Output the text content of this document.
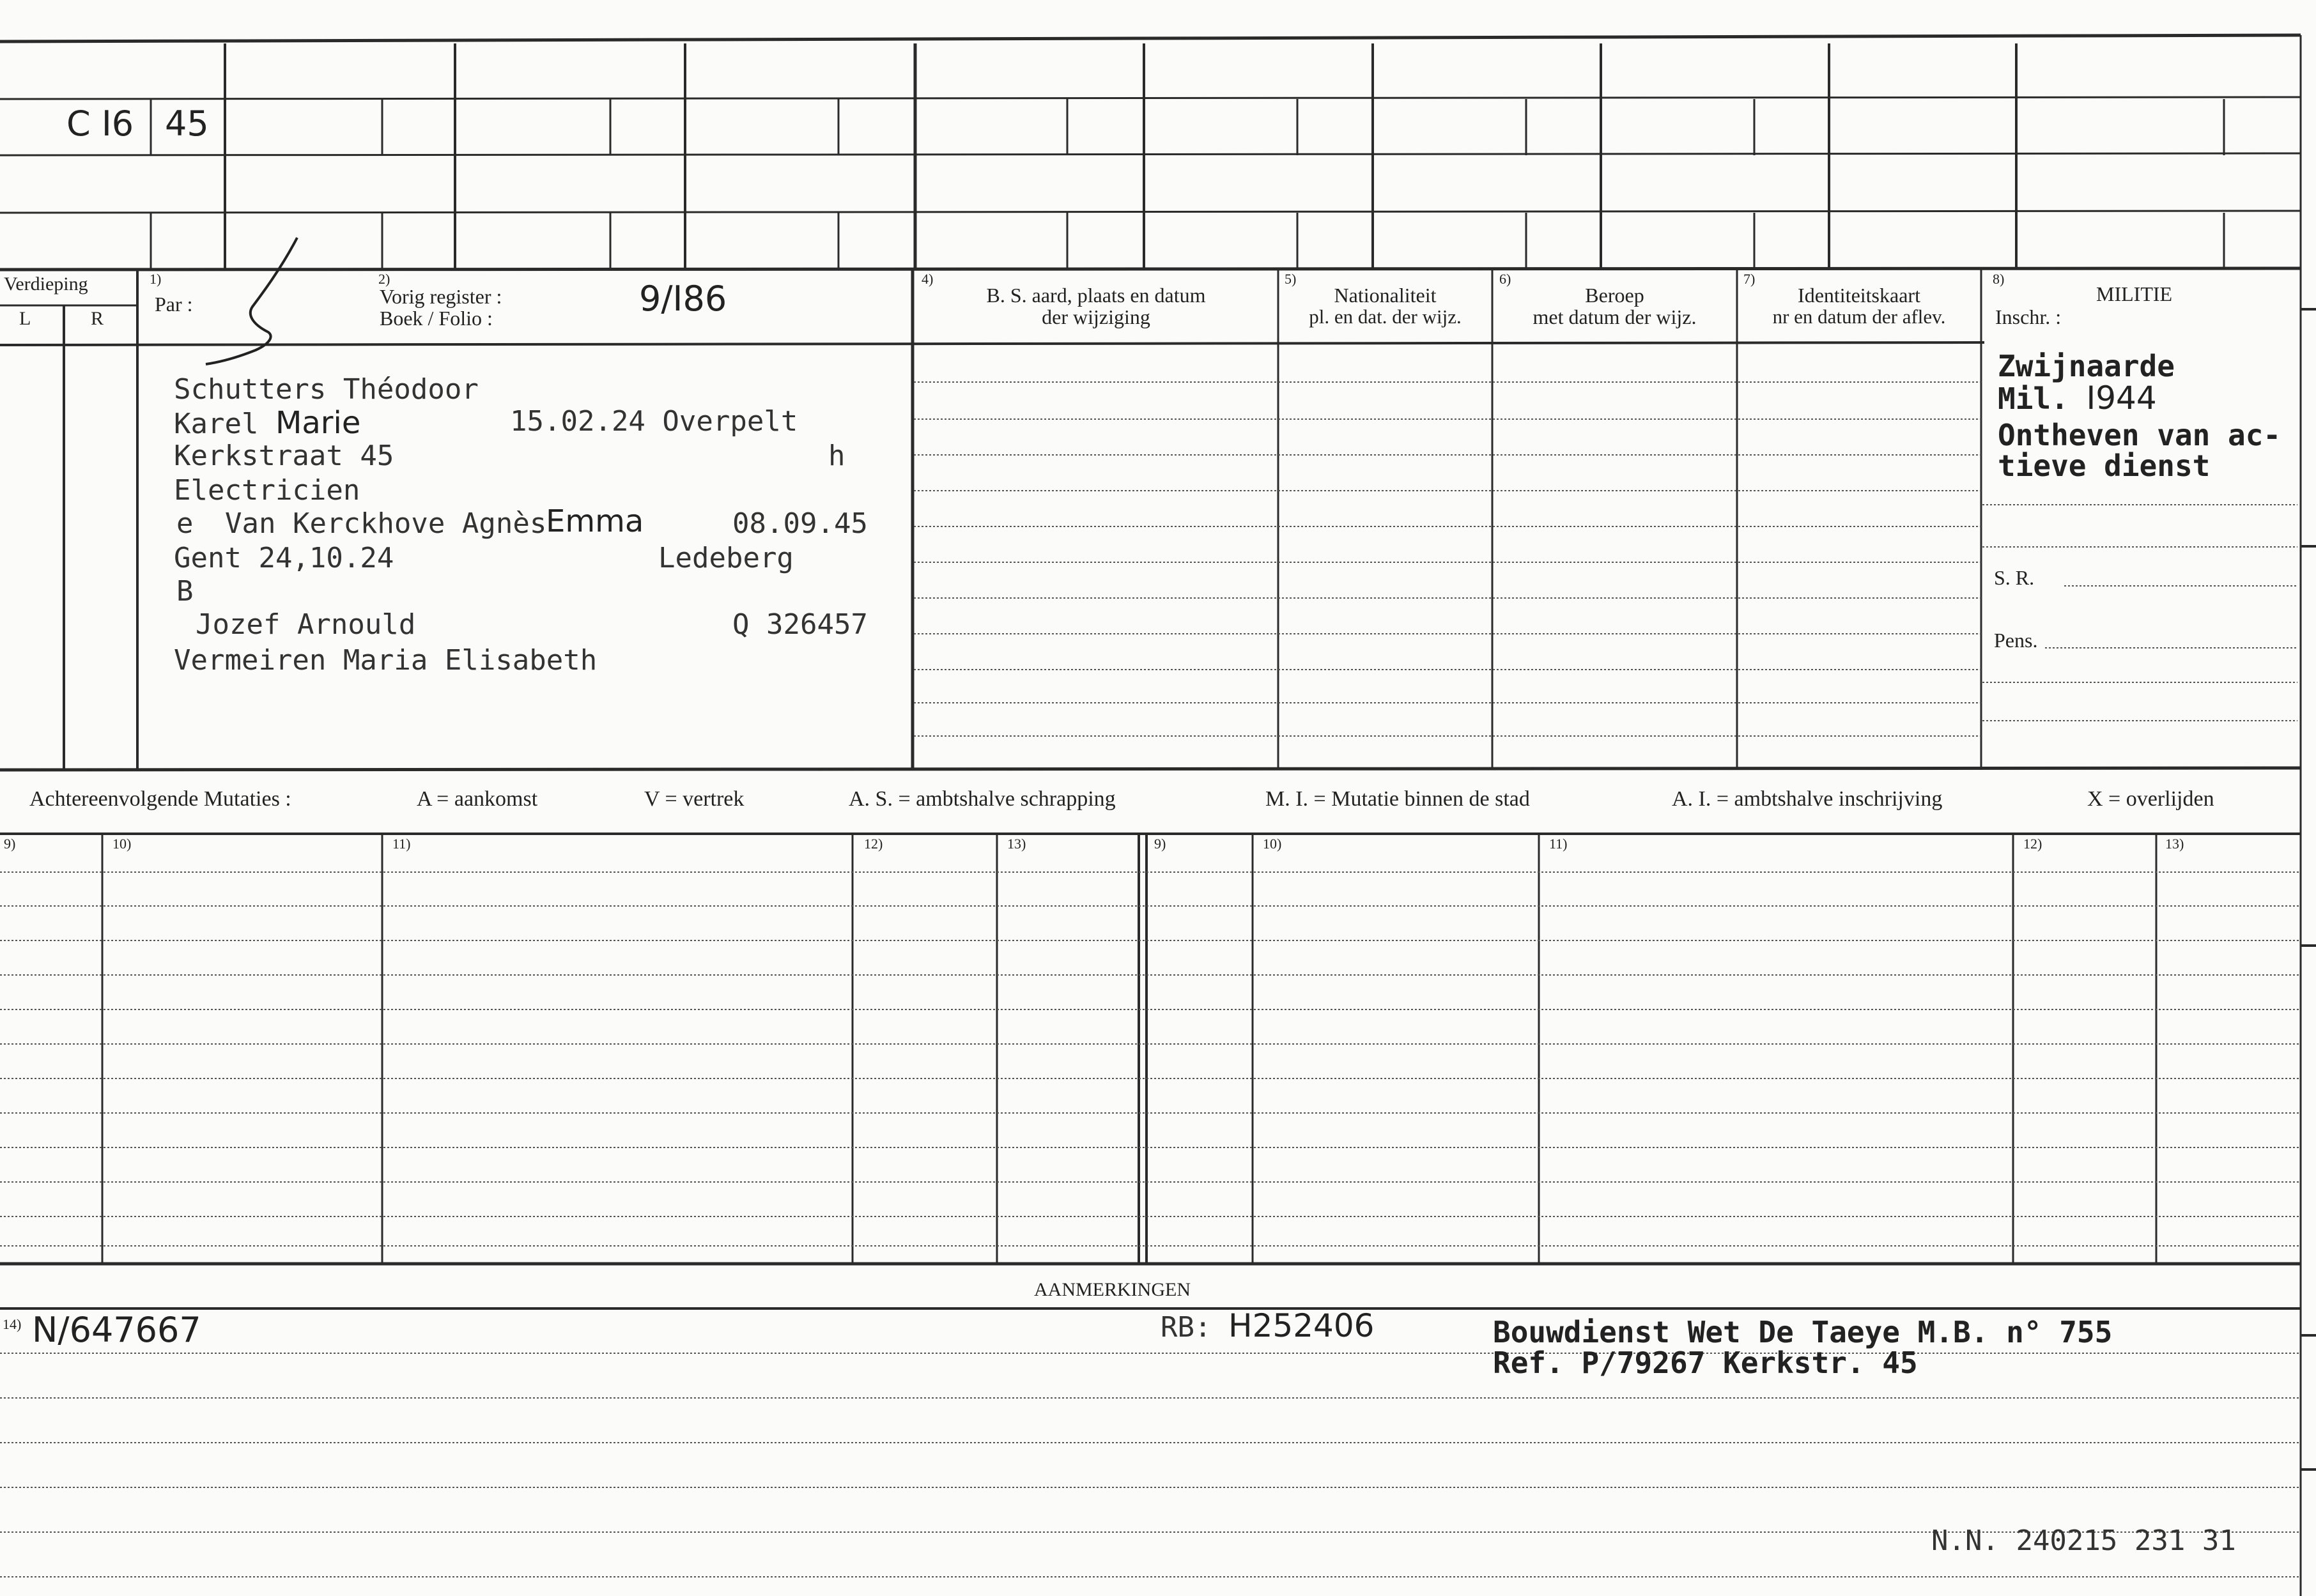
C I6 45
Verdieping
L	R
1)
Par :
2)
Vorig register :
Boek / Folio :	9/I86	4)
B. S. aard, plaats en datum
der wijziging
5)
Nationaliteit
pl. en dat. der wijz.
6)
Beroep
met datum der wijz.
7)
Identiteitskaart
nr en datum der aflev.
8)
MILITIE
Inschr. :
Schutters Théodoor
Karel Marie	15.02.24 Overpelt
Kerkstraat 45	h
Electricien
e Van Kerckhove Agnès
Emma	08.09.45
Gent 24,10.24	Ledeberg
B
Jozef Arnould	Q 326457
Vermeiren Maria Elisabeth
Zwijnaarde
Mil. I944
Ontheven van ac-
tieve dienst
S. R.
Pens.
Achtereenvolgende Mutaties :	A = aankomst	V = vertrek	A. S. = ambtshalve schrapping	M. I. = Mutatie binnen de stad	A. I. = ambtshalve inschrijving	X = overlijden
9)	10)	11)	12)	13)	9)	10)	11)	12)	13)
AANMERKINGEN
14) N/647667	RB: H252406	Bouwdienst Wet De Taeye M.B. n° 755
Ref. P/79267 Kerkstr. 45
N.N. 240215 231 31
